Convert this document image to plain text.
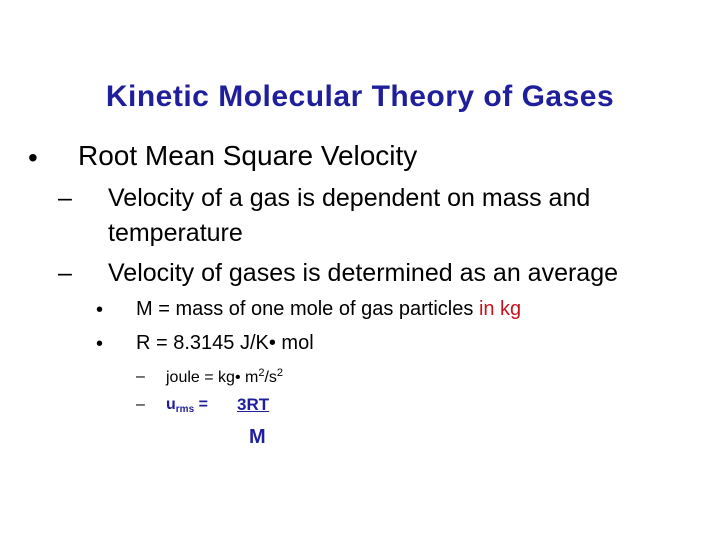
Kinetic Molecular Theory of Gases
• Root Mean Square Velocity
– Velocity of a gas is dependent on mass and
temperature
– Velocity of gases is determined as an average
• M = mass of one mole of gas particles in kg
• R = 8.3145 J/K• mol
– joule = kg• $m^2/s^2$
– $u_{rms} = 3RT$
M
